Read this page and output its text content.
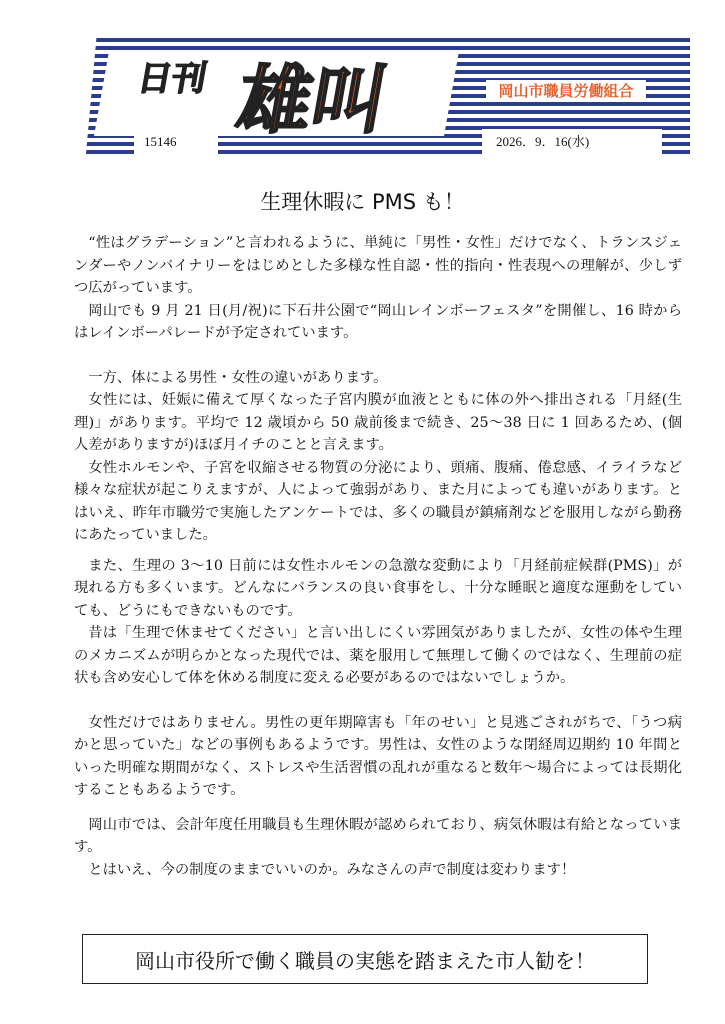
日刊 雄叫	岡山市職員労働組合
15146	2026．9．16(水)
生理休暇に PMS も！

“性はグラデーション”と言われるように、単純に「男性・女性」だけでなく、トランスジェンダーやノンバイナリーをはじめとした多様な性自認・性的指向・性表現への理解が、少しずつ広がっています。

岡山でも 9 月 21 日(月/祝)に下石井公園で“岡山レインボーフェスタ”を開催し、16 時からはレインボーパレードが予定されています。

一方、体による男性・女性の違いがあります。

女性には、妊娠に備えて厚くなった子宮内膜が血液とともに体の外へ排出される「月経(生理)」があります。平均で 12 歳頃から 50 歳前後まで続き、25～38 日に 1 回あるため、(個人差がありますが)ほぼ月イチのことと言えます。

女性ホルモンや、子宮を収縮させる物質の分泌により、頭痛、腹痛、倦怠感、イライラなど様々な症状が起こりえますが、人によって強弱があり、また月によっても違いがあります。とはいえ、昨年市職労で実施したアンケートでは、多くの職員が鎮痛剤などを服用しながら勤務にあたっていました。

また、生理の 3～10 日前には女性ホルモンの急激な変動により「月経前症候群(PMS)」が現れる方も多くいます。どんなにバランスの良い食事をし、十分な睡眠と適度な運動をしていても、どうにもできないものです。

昔は「生理で休ませてください」と言い出しにくい雰囲気がありましたが、女性の体や生理のメカニズムが明らかとなった現代では、薬を服用して無理して働くのではなく、生理前の症状も含め安心して体を休める制度に変える必要があるのではないでしょうか。

女性だけではありません。男性の更年期障害も「年のせい」と見逃ごされがちで、「うつ病かと思っていた」などの事例もあるようです。男性は、女性のような閉経周辺期約 10 年間といった明確な期間がなく、ストレスや生活習慣の乱れが重なると数年～場合によっては長期化することもあるようです。

岡山市では、会計年度任用職員も生理休暇が認められており、病気休暇は有給となっています。

とはいえ、今の制度のままでいいのか。みなさんの声で制度は変わります！

岡山市役所で働く職員の実態を踏まえた市人勧を！
